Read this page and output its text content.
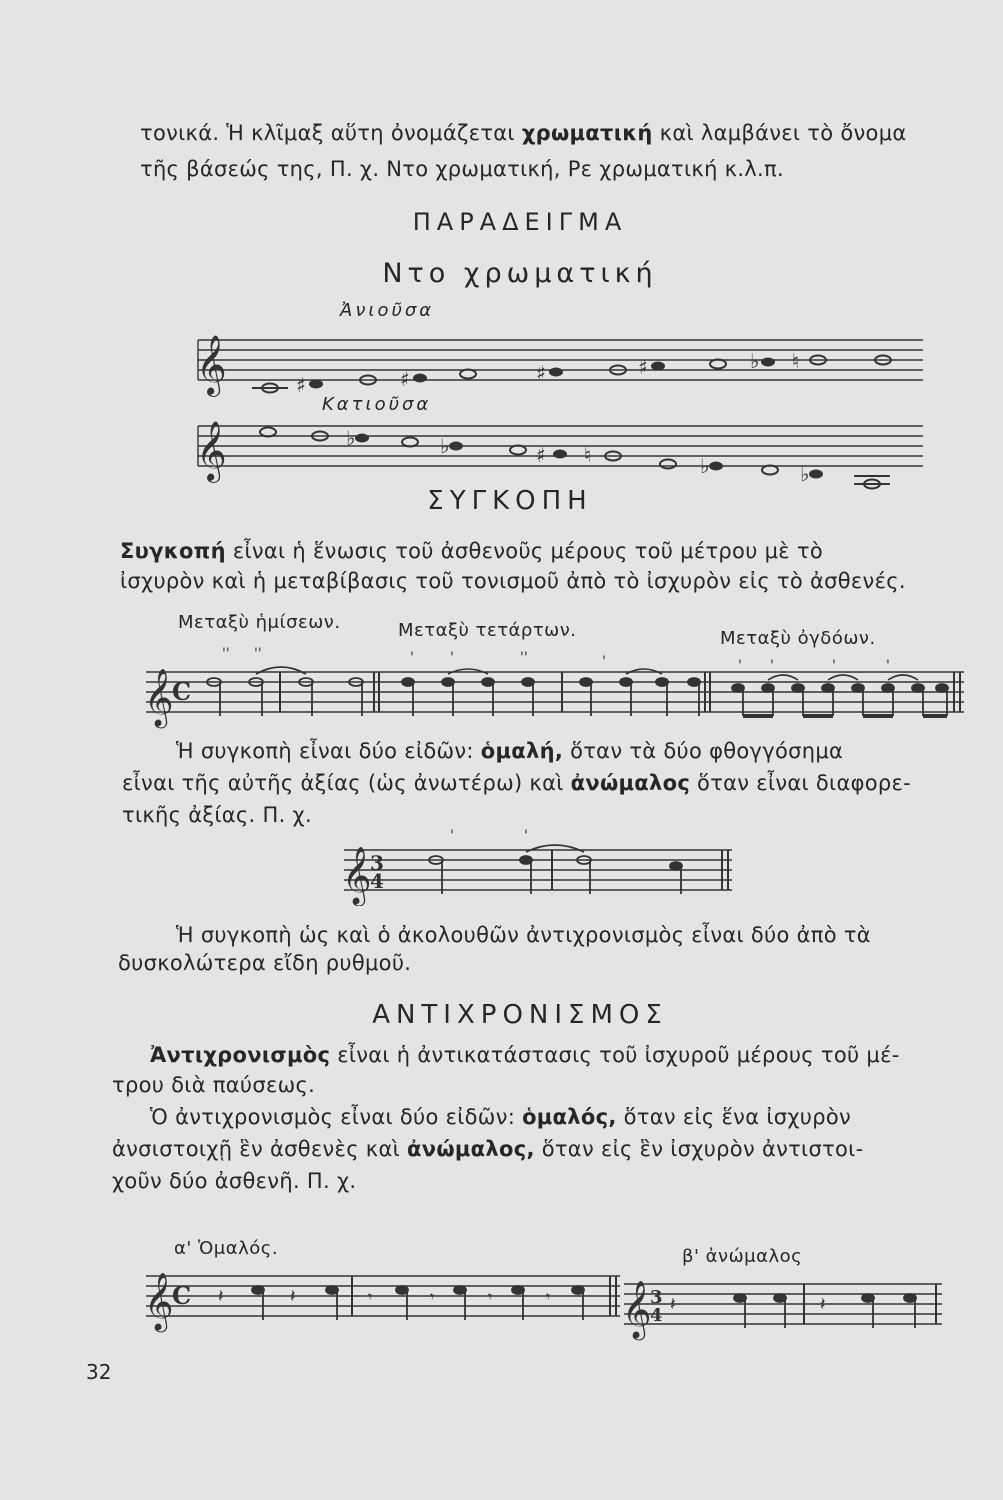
τονικά. Ἡ κλῖμαξ αὕτη ὀνομάζεται χρωματική καὶ λαμβάνει τὸ ὄνομα
τῆς βάσεώς της, Π. χ. Ντο χρωματική, Ρε χρωματική κ.λ.π.
ΠΑΡΑΔΕΙΓΜΑ
Ντο χρωματική
Ἀνιοῦσα
𝄞	♯	♯	♯	♯	♭ ♮
Κατιοῦσα
𝄞	♭	♭	♯ ♮	♭	♭
ΣΥΓΚΟΠΗ
Συγκοπή εἶναι ἡ ἕνωσις τοῦ ἀσθενοῦς μέρους τοῦ μέτρου μὲ τὸ
ἰσχυρὸν καὶ ἡ μεταβίβασις τοῦ τονισμοῦ ἀπὸ τὸ ἰσχυρὸν εἰς τὸ ἀσθενές.
Μεταξὺ ἡμίσεων.	Μεταξὺ τετάρτων.	Μεταξὺ ὀγδόων.
𝄞
C
'' ''	'	'	''	'	' '	'	'
Ἡ συγκοπὴ εἶναι δύο εἰδῶν: ὁμαλή, ὅταν τὰ δύο φθογγόσημα
εἶναι τῆς αὐτῆς ἀξίας (ὡς ἀνωτέρω) καὶ ἀνώμαλος ὅταν εἶναι διαφορε-
τικῆς ἀξίας. Π. χ.
𝄞
3
4
'	'
Ἡ συγκοπὴ ὡς καὶ ὁ ἀκολουθῶν ἀντιχρονισμὸς εἶναι δύο ἀπὸ τὰ
δυσκολώτερα εἴδη ρυθμοῦ.
ΑΝΤΙΧΡΟΝΙΣΜΟΣ
Ἀντιχρονισμὸς εἶναι ἡ ἀντικατάστασις τοῦ ἰσχυροῦ μέρους τοῦ μέ-
τρου διὰ παύσεως.
Ὁ ἀντιχρονισμὸς εἶναι δύο εἰδῶν: ὁμαλός, ὅταν εἰς ἕνα ἰσχυρὸν
ἀνσιστοιχῇ ἓν ἀσθενὲς καὶ ἀνώμαλος, ὅταν εἰς ἓν ἰσχυρὸν ἀντιστοι-
χοῦν δύο ἀσθενῆ. Π. χ.
α' Ὁμαλός.	β' ἀνώμαλος
𝄞
C 𝄽	𝄽	𝄾	𝄾	𝄾	𝄾 𝄞
3
4
𝄽	𝄽
32
